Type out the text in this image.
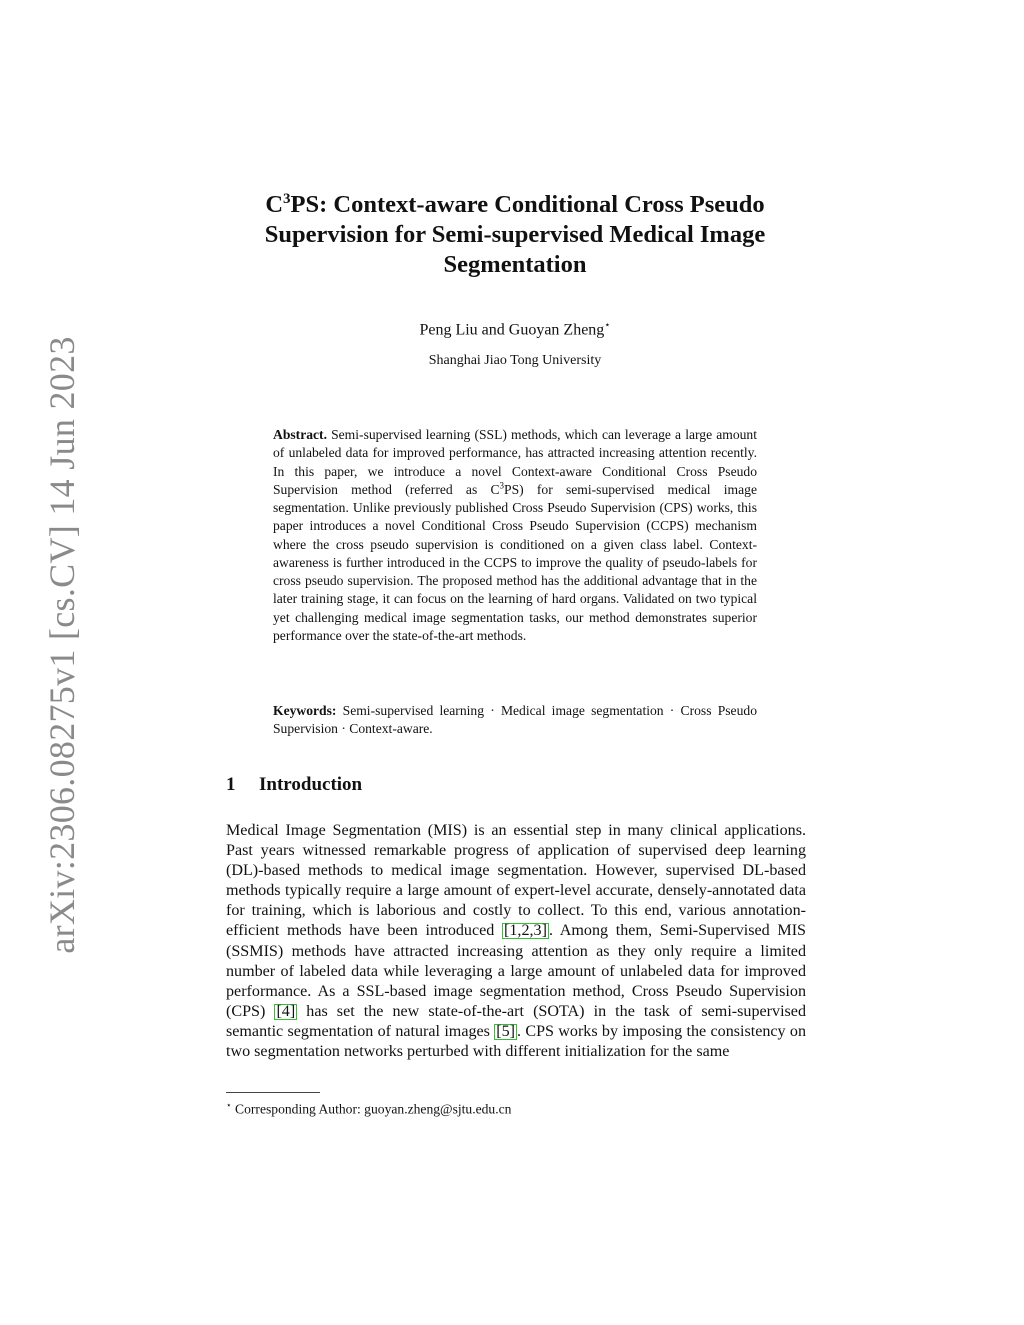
arXiv:2306.08275v1 [cs.CV] 14 Jun 2023
$C^3PS$: Context-aware Conditional Cross Pseudo Supervision for Semi-supervised Medical Image Segmentation
Peng Liu and Guoyan Zheng⋆
Shanghai Jiao Tong University

Abstract. Semi-supervised learning (SSL) methods, which can leverage a large amount of unlabeled data for improved performance, has attracted increasing attention recently. In this paper, we introduce a novel Context-aware Conditional Cross Pseudo Supervision method (referred as $C^3PS$) for semi-supervised medical image segmentation. Unlike previously published Cross Pseudo Supervision (CPS) works, this paper introduces a novel Conditional Cross Pseudo Supervision (CCPS) mechanism where the cross pseudo supervision is conditioned on a given class label. Context-awareness is further introduced in the CCPS to improve the quality of pseudo-labels for cross pseudo supervision. The proposed method has the additional advantage that in the later training stage, it can focus on the learning of hard organs. Validated on two typical yet challenging medical image segmentation tasks, our method demonstrates superior performance over the state-of-the-art methods.

Keywords: Semi-supervised learning · Medical image segmentation · Cross Pseudo Supervision · Context-aware.

1 Introduction

Medical Image Segmentation (MIS) is an essential step in many clinical applications. Past years witnessed remarkable progress of application of supervised deep learning (DL)-based methods to medical image segmentation. However, supervised DL-based methods typically require a large amount of expert-level accurate, densely-annotated data for training, which is laborious and costly to collect. To this end, various annotation-efficient methods have been introduced [1,2,3] . Among them, Semi-Supervised MIS (SSMIS) methods have attracted increasing attention as they only require a limited number of labeled data while leveraging a large amount of unlabeled data for improved performance. As a SSL-based image segmentation method, Cross Pseudo Supervision (CPS) [4] has set the new state-of-the-art (SOTA) in the task of semi-supervised semantic segmentation of natural images [5] . CPS works by imposing the consistency on two segmentation networks perturbed with different initialization for the same

⋆ Corresponding Author: guoyan.zheng@sjtu.edu.cn
